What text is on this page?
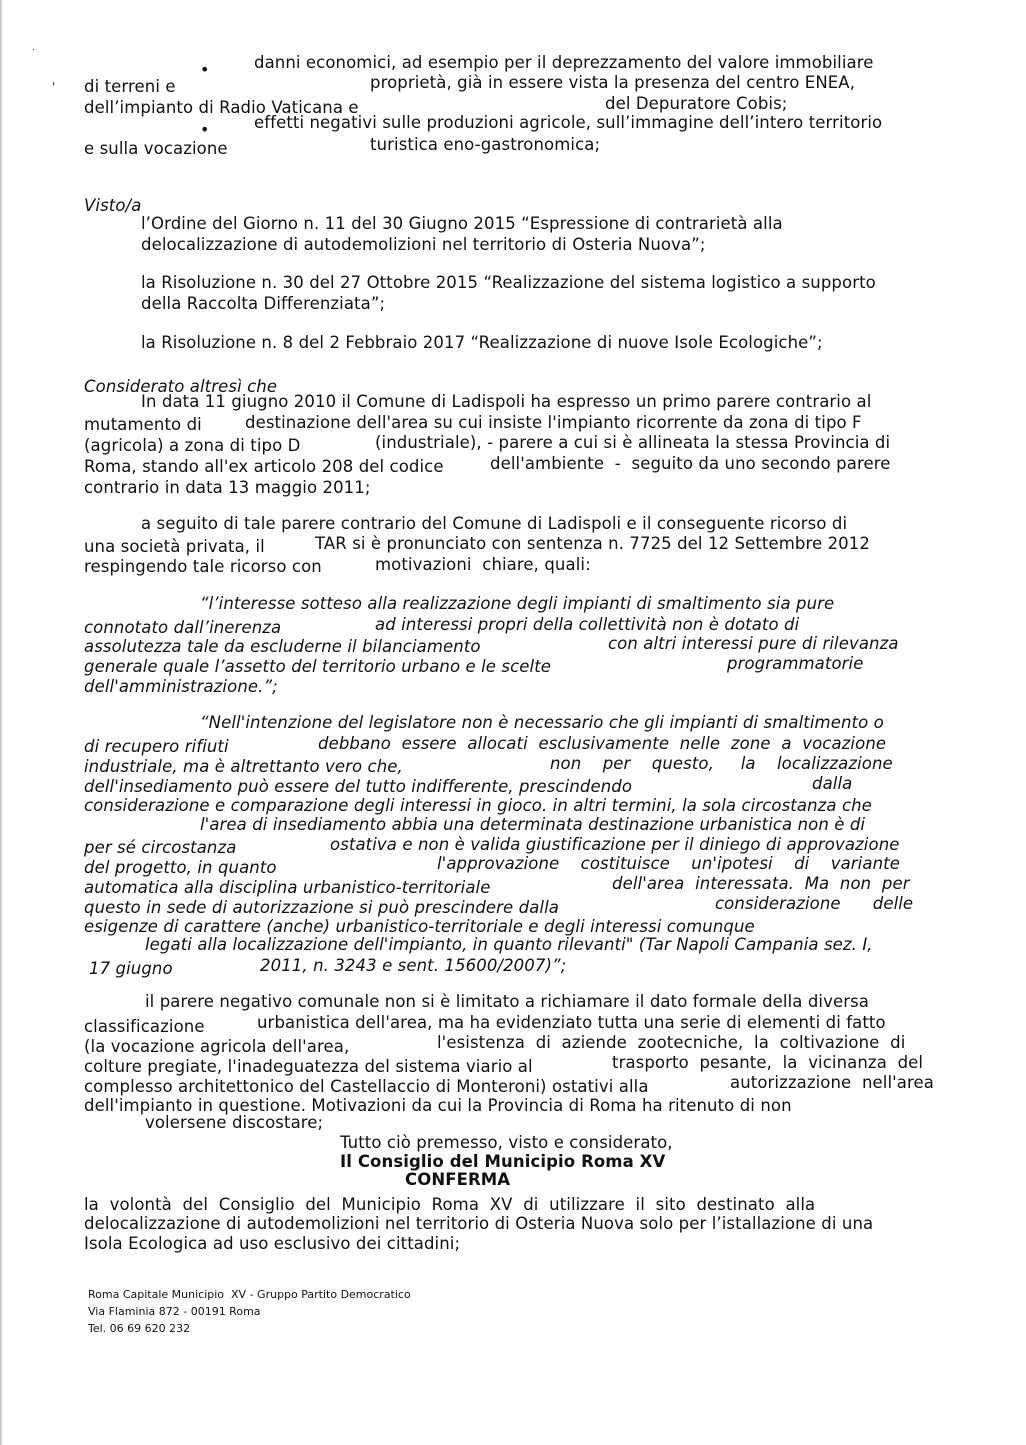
·
'
•	danni economici, ad esempio per il deprezzamento del valore immobiliare
di terreni e	proprietà, già in essere vista la presenza del centro ENEA,
dell’impianto di Radio Vaticana e	del Depuratore Cobis;
•	effetti negativi sulle produzioni agricole, sull’immagine dell’intero territorio
e sulla vocazione	turistica eno-gastronomica;
Visto/a
l’Ordine del Giorno n. 11 del 30 Giugno 2015 “Espressione di contrarietà alla
delocalizzazione di autodemolizioni nel territorio di Osteria Nuova”;
la Risoluzione n. 30 del 27 Ottobre 2015 “Realizzazione del sistema logistico a supporto
della Raccolta Differenziata”;
la Risoluzione n. 8 del 2 Febbraio 2017 “Realizzazione di nuove Isole Ecologiche”;
Considerato altresì che
In data 11 giugno 2010 il Comune di Ladispoli ha espresso un primo parere contrario al
mutamento di	destinazione dell'area su cui insiste l'impianto ricorrente da zona di tipo F
(agricola) a zona di tipo D	(industriale), - parere a cui si è allineata la stessa Provincia di
Roma, stando all'ex articolo 208 del codice	dell'ambiente  -  seguito da uno secondo parere
contrario in data 13 maggio 2011;
a seguito di tale parere contrario del Comune di Ladispoli e il conseguente ricorso di
una società privata, il	TAR si è pronunciato con sentenza n. 7725 del 12 Settembre 2012
respingendo tale ricorso con	motivazioni  chiare, quali:
“l’interesse sotteso alla realizzazione degli impianti di smaltimento sia pure
connotato dall’inerenza	ad interessi propri della collettività non è dotato di
assolutezza tale da escluderne il bilanciamento	con altri interessi pure di rilevanza
generale quale l’assetto del territorio urbano e le scelte	programmatorie
dell'amministrazione.”;
“Nell'intenzione del legislatore non è necessario che gli impianti di smaltimento o
di recupero rifiuti	debbano  essere  allocati  esclusivamente  nelle  zone  a  vocazione
industriale, ma è altrettanto vero che,	non    per    questo,     la    localizzazione
dell'insediamento può essere del tutto indifferente, prescindendo	dalla
considerazione e comparazione degli interessi in gioco. in altri termini, la sola circostanza che
l'area di insediamento abbia una determinata destinazione urbanistica non è di
per sé circostanza	ostativa e non è valida giustificazione per il diniego di approvazione
del progetto, in quanto	l'approvazione    costituisce    un'ipotesi    di    variante
automatica alla disciplina urbanistico-territoriale	dell'area  interessata.  Ma  non  per
questo in sede di autorizzazione si può prescindere dalla	considerazione      delle
esigenze di carattere (anche) urbanistico-territoriale e degli interessi comunque
legati alla localizzazione dell'impianto, in quanto rilevanti" (Tar Napoli Campania sez. I,
17 giugno	2011, n. 3243 e sent. 15600/2007)”;
il parere negativo comunale non si è limitato a richiamare il dato formale della diversa
classificazione	urbanistica dell'area, ma ha evidenziato tutta una serie di elementi di fatto
(la vocazione agricola dell'area,	l'esistenza  di  aziende  zootecniche,  la  coltivazione  di
colture pregiate, l'inadeguatezza del sistema viario al	trasporto  pesante,  la  vicinanza  del
complesso architettonico del Castellaccio di Monteroni) ostativi alla	autorizzazione  nell'area
dell'impianto in questione. Motivazioni da cui la Provincia di Roma ha ritenuto di non
volersene discostare;
Tutto ciò premesso, visto e considerato,
Il Consiglio del Municipio Roma XV
CONFERMA
la  volontà  del  Consiglio  del  Municipio  Roma  XV  di  utilizzare  il  sito  destinato  alla
delocalizzazione di autodemolizioni nel territorio di Osteria Nuova solo per l’istallazione di una
Isola Ecologica ad uso esclusivo dei cittadini;
Roma Capitale Municipio  XV - Gruppo Partito Democratico
Via Flaminia 872 - 00191 Roma
Tel. 06 69 620 232
